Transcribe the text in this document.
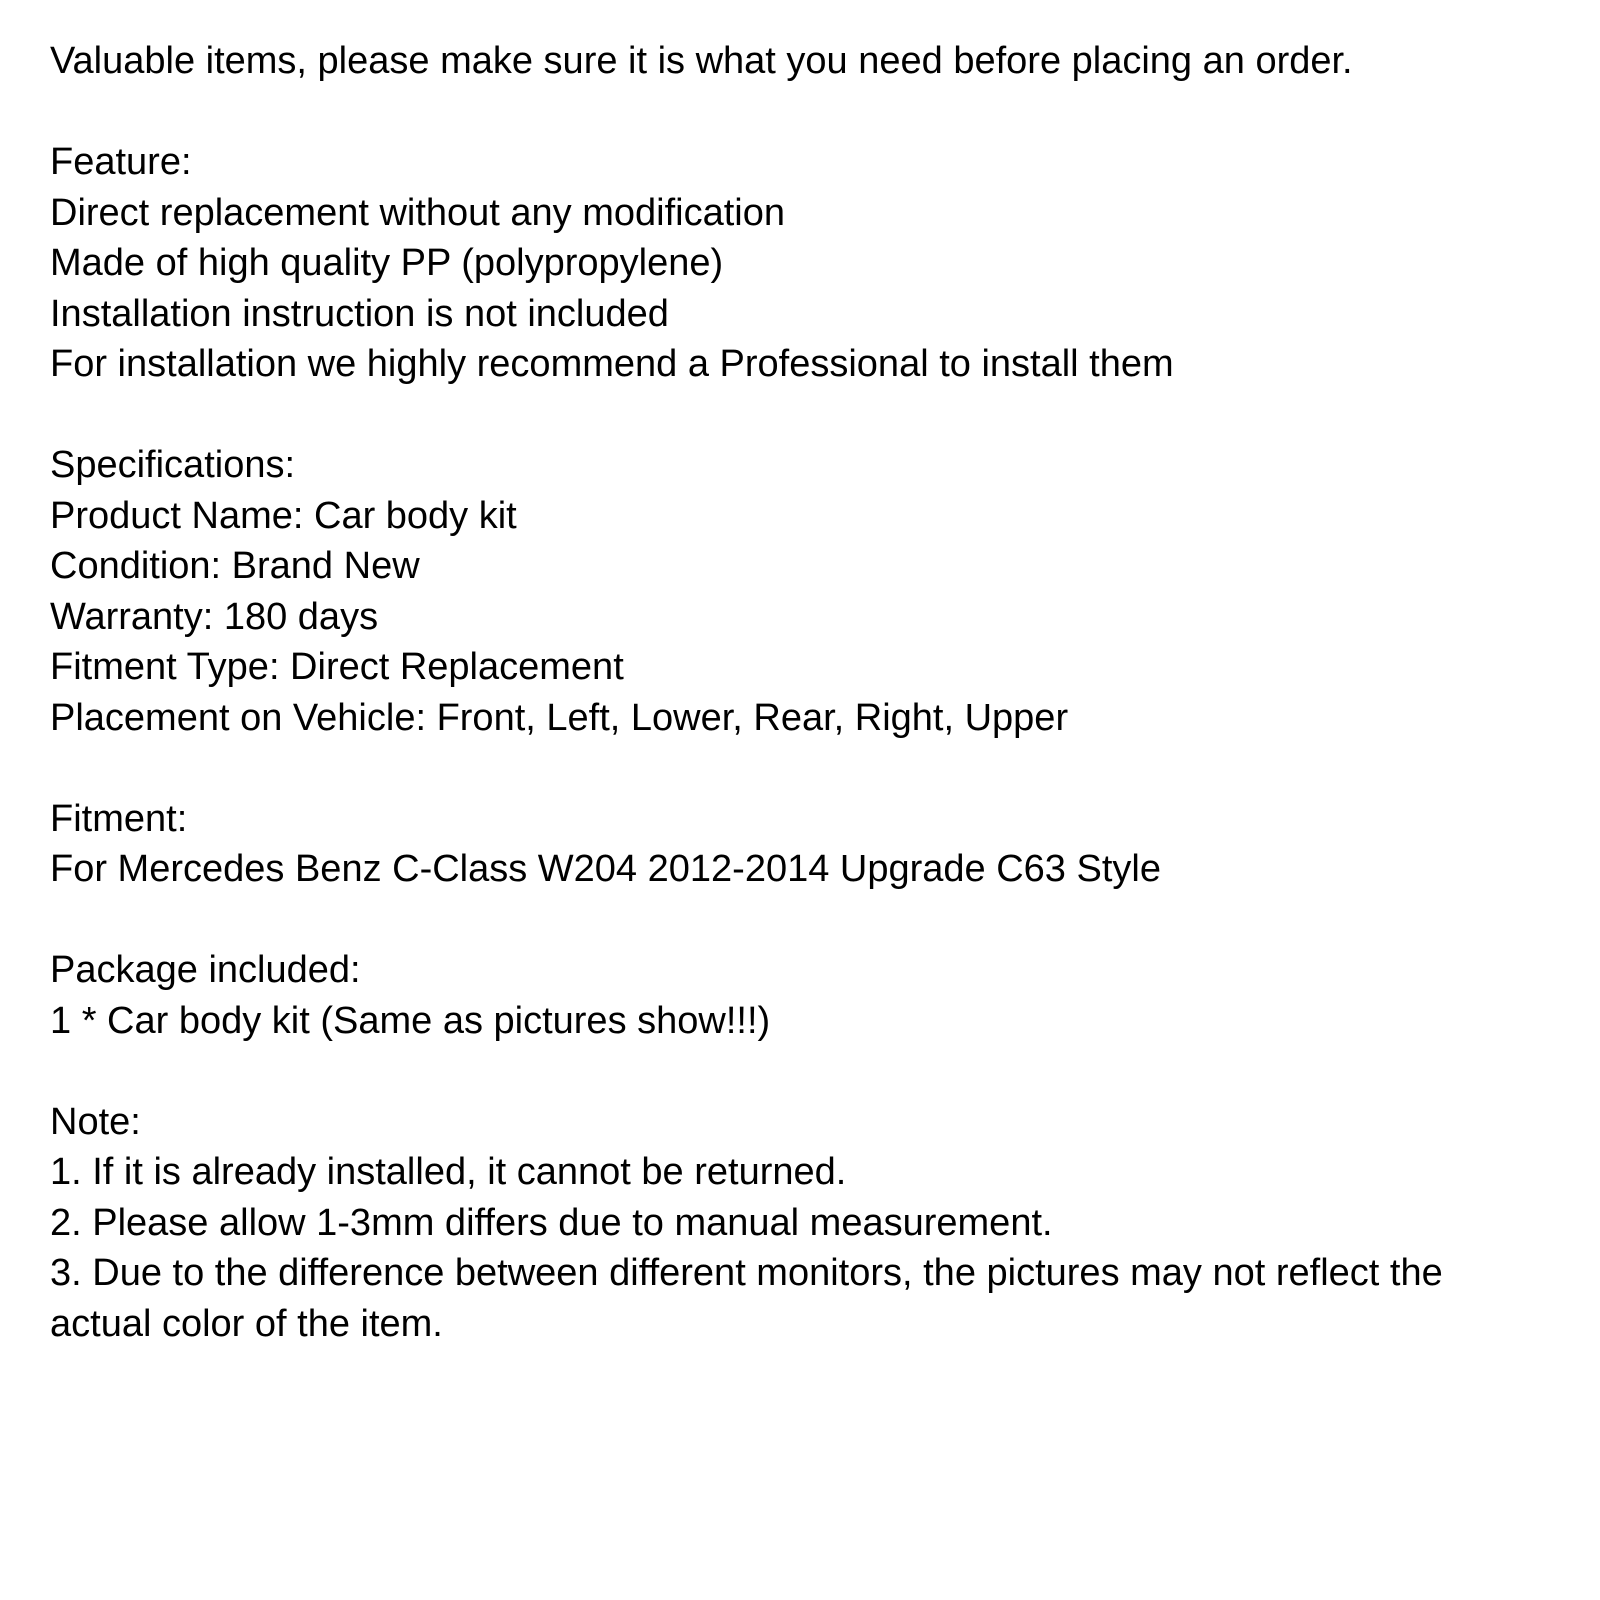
Valuable items, please make sure it is what you need before placing an order.
Feature:
Direct replacement without any modification
Made of high quality PP (polypropylene)
Installation instruction is not included
For installation we highly recommend a Professional to install them
Specifications:
Product Name: Car body kit
Condition: Brand New
Warranty: 180 days
Fitment Type: Direct Replacement
Placement on Vehicle: Front, Left, Lower, Rear, Right, Upper
Fitment:
For Mercedes Benz C-Class W204 2012-2014 Upgrade C63 Style
Package included:
1 * Car body kit (Same as pictures show!!!)
Note:
1. If it is already installed, it cannot be returned.
2. Please allow 1-3mm differs due to manual measurement.
3. Due to the difference between different monitors, the pictures may not reflect the
actual color of the item.
